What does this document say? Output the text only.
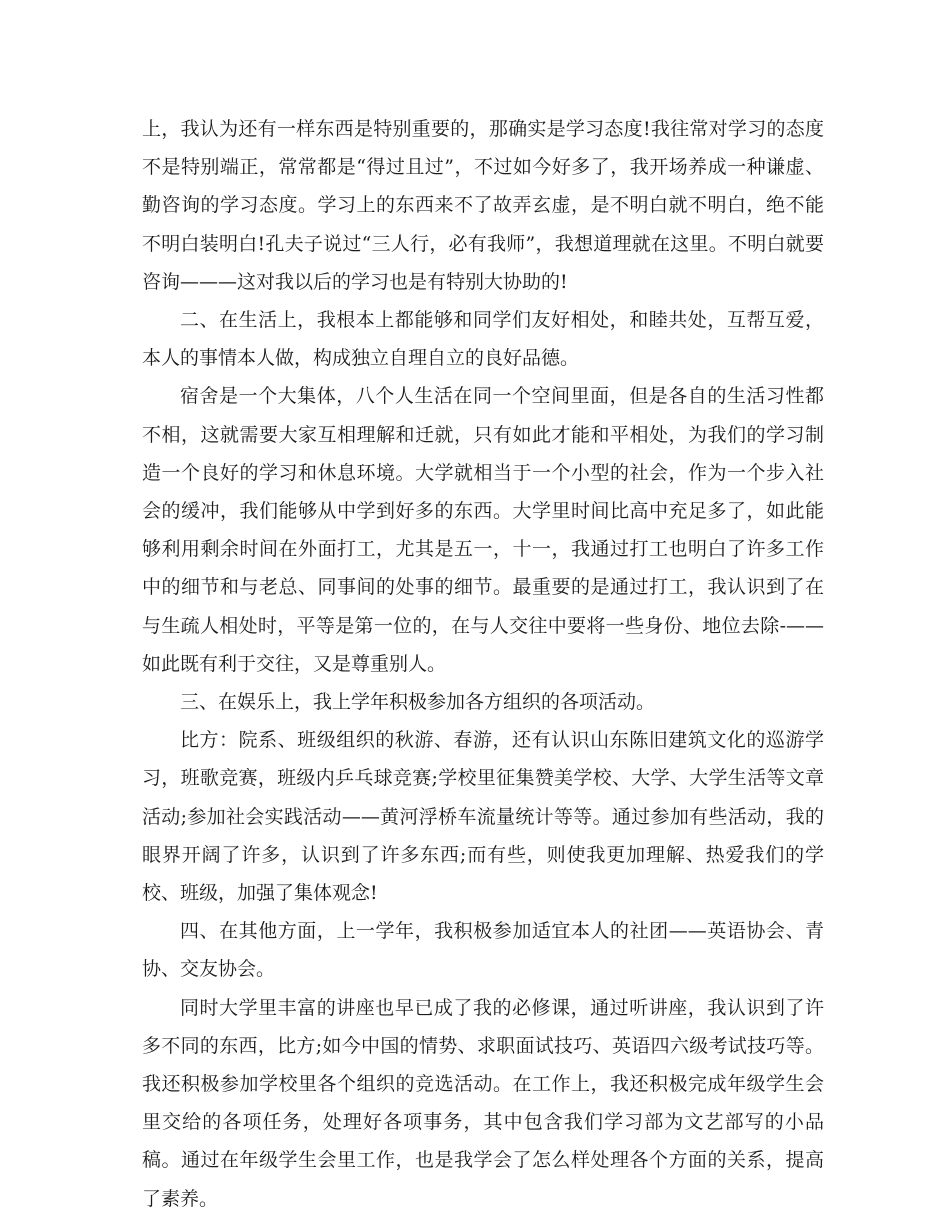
上，我认为还有一样东西是特别重要的，那确实是学习态度!我往常对学习的态度不是特别端正，常常都是“得过且过”，不过如今好多了，我开场养成一种谦虚、勤咨询的学习态度。学习上的东西来不了故弄玄虚，是不明白就不明白，绝不能不明白装明白!孔夫子说过“三人行，必有我师”，我想道理就在这里。不明白就要咨询———这对我以后的学习也是有特别大协助的!

二、在生活上，我根本上都能够和同学们友好相处，和睦共处，互帮互爱，本人的事情本人做，构成独立自理自立的良好品德。

宿舍是一个大集体，八个人生活在同一个空间里面，但是各自的生活习性都不相，这就需要大家互相理解和迁就，只有如此才能和平相处，为我们的学习制造一个良好的学习和休息环境。大学就相当于一个小型的社会，作为一个步入社会的缓冲，我们能够从中学到好多的东西。大学里时间比高中充足多了，如此能够利用剩余时间在外面打工，尤其是五一，十一，我通过打工也明白了许多工作中的细节和与老总、同事间的处事的细节。最重要的是通过打工，我认识到了在与生疏人相处时，平等是第一位的，在与人交往中要将一些身份、地位去除-——如此既有利于交往，又是尊重别人。

三、在娱乐上，我上学年积极参加各方组织的各项活动。

比方：院系、班级组织的秋游、春游，还有认识山东陈旧建筑文化的巡游学习，班歌竞赛，班级内乒乓球竞赛;学校里征集赞美学校、大学、大学生活等文章活动;参加社会实践活动——黄河浮桥车流量统计等等。通过参加有些活动，我的眼界开阔了许多，认识到了许多东西;而有些，则使我更加理解、热爱我们的学校、班级，加强了集体观念!

四、在其他方面，上一学年，我积极参加适宜本人的社团——英语协会、青协、交友协会。

同时大学里丰富的讲座也早已成了我的必修课，通过听讲座，我认识到了许多不同的东西，比方;如今中国的情势、求职面试技巧、英语四六级考试技巧等。我还积极参加学校里各个组织的竞选活动。在工作上，我还积极完成年级学生会里交给的各项任务，处理好各项事务，其中包含我们学习部为文艺部写的小品稿。通过在年级学生会里工作，也是我学会了怎么样处理各个方面的关系，提高了素养。
